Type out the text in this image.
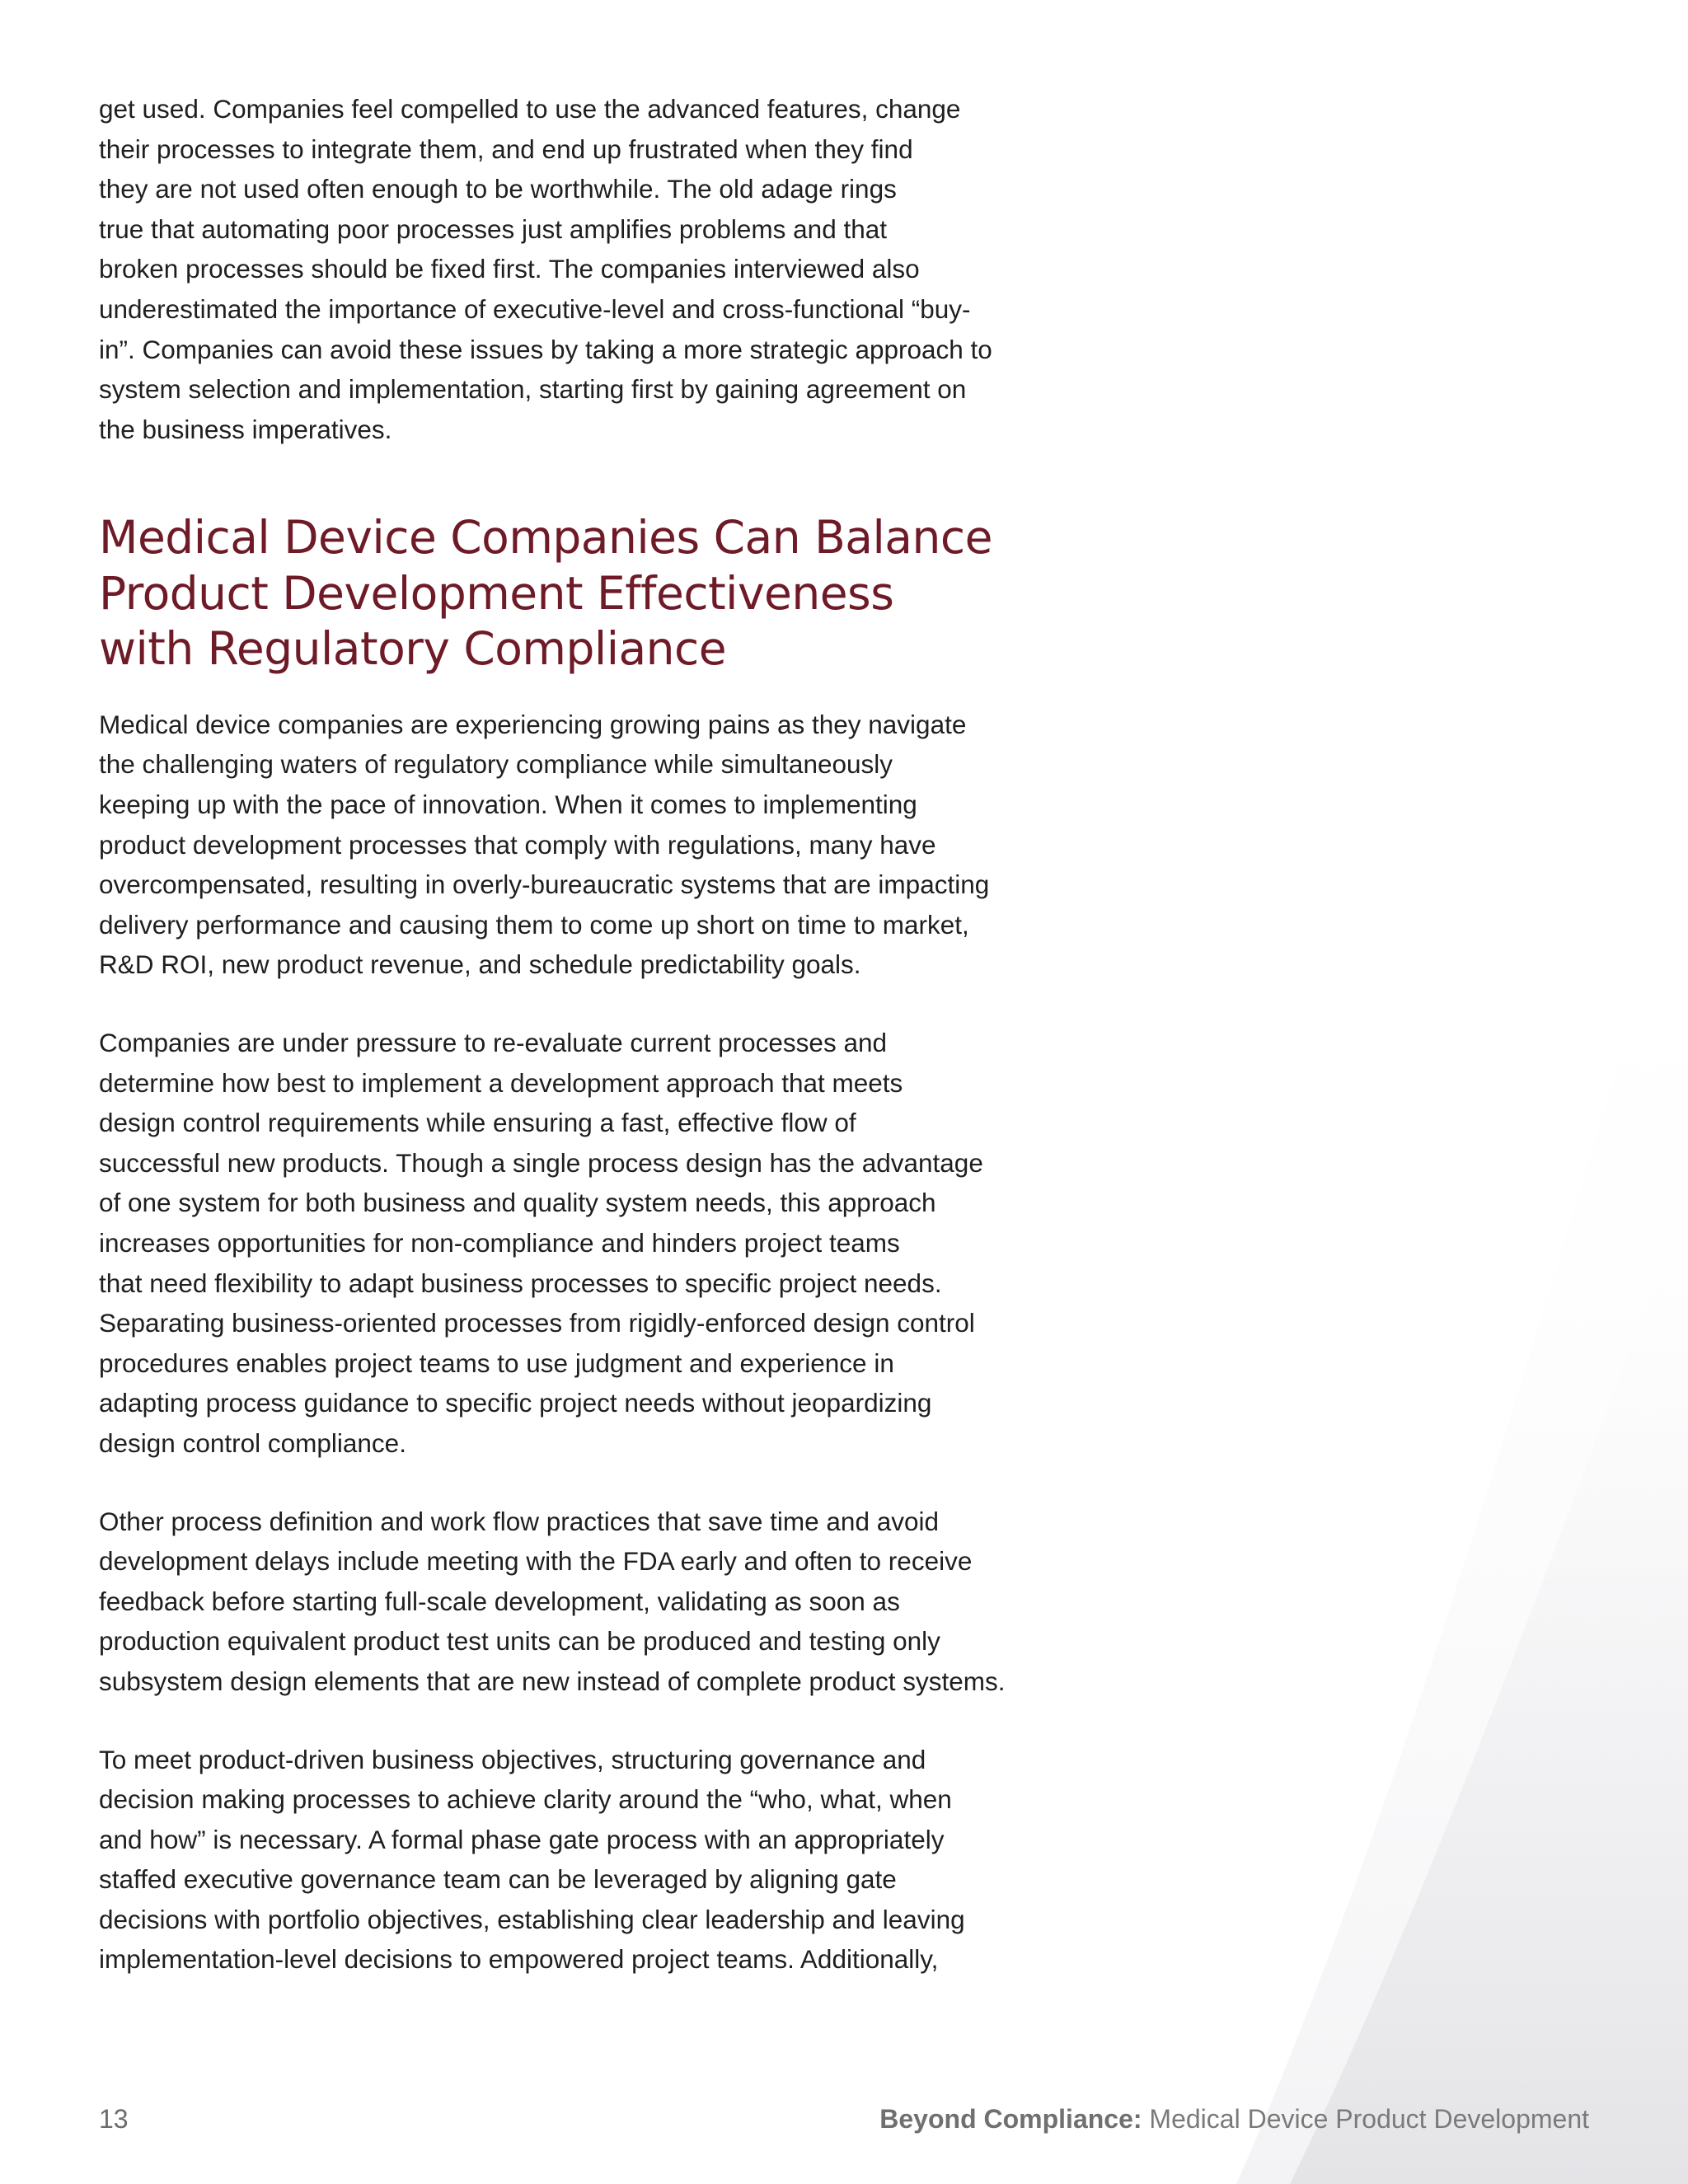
get used. Companies feel compelled to use the advanced features, change
their processes to integrate them, and end up frustrated when they find
they are not used often enough to be worthwhile. The old adage rings
true that automating poor processes just amplifies problems and that
broken processes should be fixed first. The companies interviewed also
underestimated the importance of executive-level and cross-functional “buy-
in”. Companies can avoid these issues by taking a more strategic approach to
system selection and implementation, starting first by gaining agreement on
the business imperatives.

Medical Device Companies Can Balance
Product Development Effectiveness
with Regulatory Compliance

Medical device companies are experiencing growing pains as they navigate
the challenging waters of regulatory compliance while simultaneously
keeping up with the pace of innovation. When it comes to implementing
product development processes that comply with regulations, many have
overcompensated, resulting in overly-bureaucratic systems that are impacting
delivery performance and causing them to come up short on time to market,
R&D ROI, new product revenue, and schedule predictability goals.

Companies are under pressure to re-evaluate current processes and
determine how best to implement a development approach that meets
design control requirements while ensuring a fast, effective flow of
successful new products. Though a single process design has the advantage
of one system for both business and quality system needs, this approach
increases opportunities for non-compliance and hinders project teams
that need flexibility to adapt business processes to specific project needs.
Separating business-oriented processes from rigidly-enforced design control
procedures enables project teams to use judgment and experience in
adapting process guidance to specific project needs without jeopardizing
design control compliance.

Other process definition and work flow practices that save time and avoid
development delays include meeting with the FDA early and often to receive
feedback before starting full-scale development, validating as soon as
production equivalent product test units can be produced and testing only
subsystem design elements that are new instead of complete product systems.

To meet product-driven business objectives, structuring governance and
decision making processes to achieve clarity around the “who, what, when
and how” is necessary. A formal phase gate process with an appropriately
staffed executive governance team can be leveraged by aligning gate
decisions with portfolio objectives, establishing clear leadership and leaving
implementation-level decisions to empowered project teams. Additionally,

13	Beyond Compliance: Medical Device Product Development
